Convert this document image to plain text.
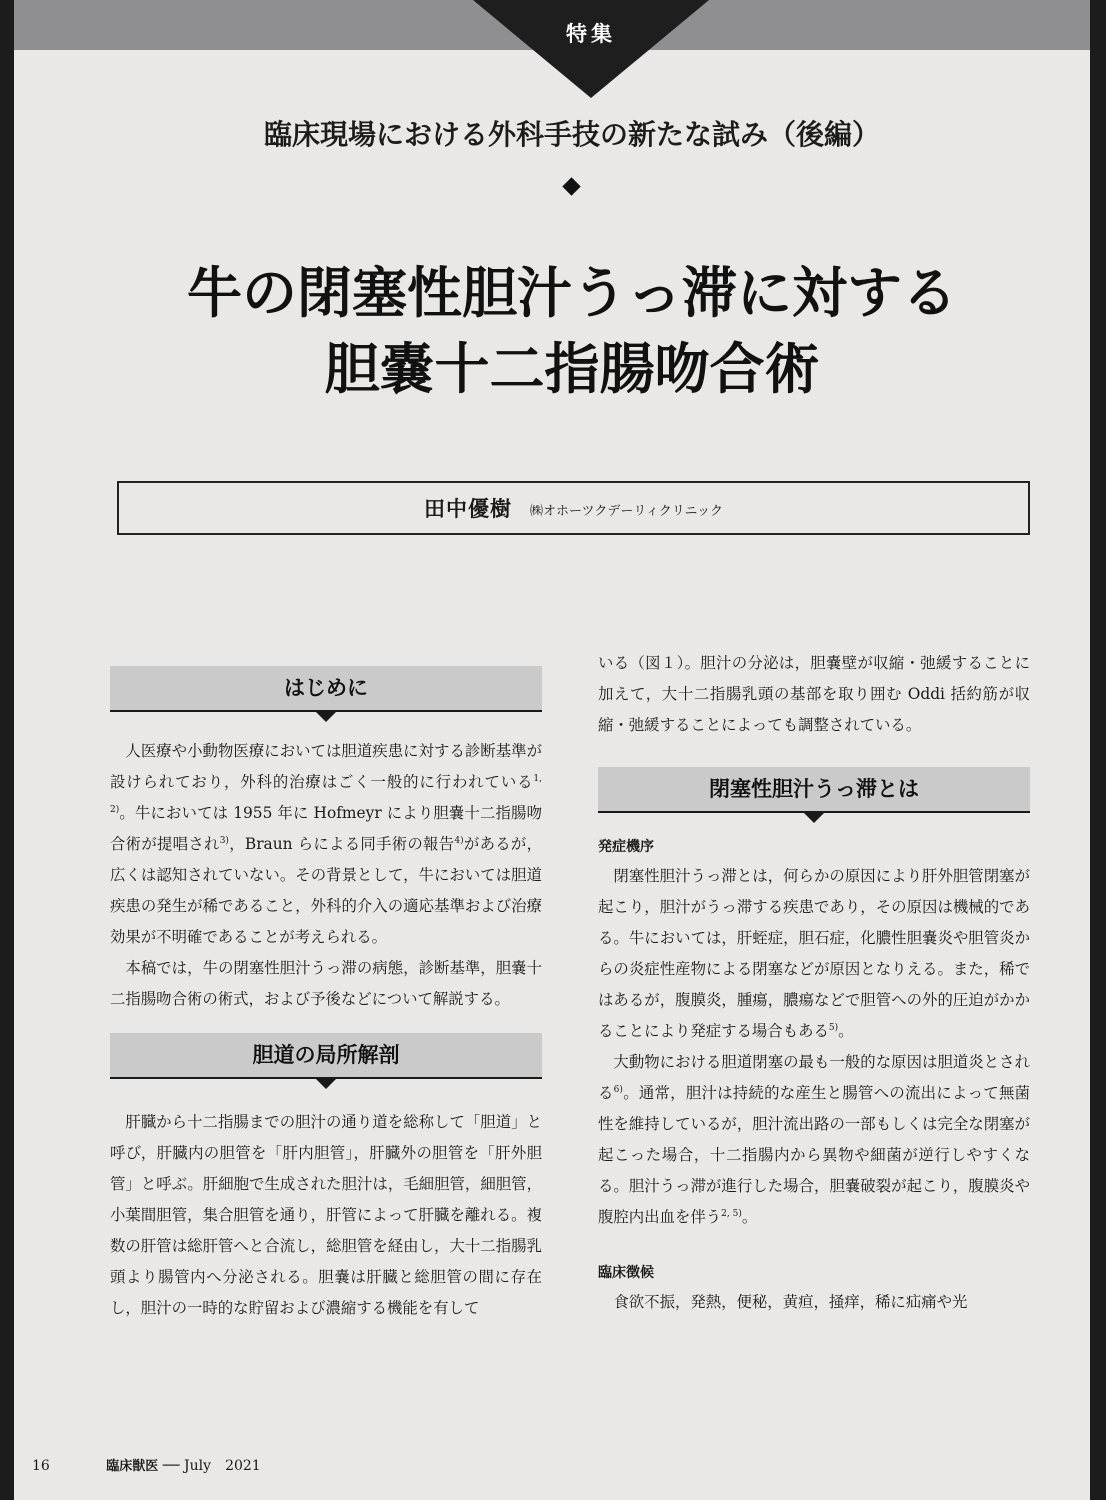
特集
臨床現場における外科手技の新たな試み（後編）
牛の閉塞性胆汁うっ滞に対する
胆嚢十二指腸吻合術
田中優樹 ㈱オホーツクデーリィクリニック
はじめに

人医療や小動物医療においては胆道疾患に対する診断基準が設けられており，外科的治療はごく一般的に行われている$^{1, 2)}$。牛においては 1955 年に Hofmeyr により胆嚢十二指腸吻合術が提唱され$^{3)}$，Braun らによる同手術の報告$^{4)}$があるが，広くは認知されていない。その背景として，牛においては胆道疾患の発生が稀であること，外科的介入の適応基準および治療効果が不明確であることが考えられる。

本稿では，牛の閉塞性胆汁うっ滞の病態，診断基準，胆嚢十二指腸吻合術の術式，および予後などについて解説する。

胆道の局所解剖

肝臓から十二指腸までの胆汁の通り道を総称して「胆道」と呼び，肝臓内の胆管を「肝内胆管」，肝臓外の胆管を「肝外胆管」と呼ぶ。肝細胞で生成された胆汁は，毛細胆管，細胆管，小葉間胆管，集合胆管を通り，肝管によって肝臓を離れる。複数の肝管は総肝管へと合流し，総胆管を経由し，大十二指腸乳頭より腸管内へ分泌される。胆嚢は肝臓と総胆管の間に存在し，胆汁の一時的な貯留および濃縮する機能を有して

いる（図１）。胆汁の分泌は，胆嚢壁が収縮・弛緩することに加えて，大十二指腸乳頭の基部を取り囲む Oddi 括約筋が収縮・弛緩することによっても調整されている。

閉塞性胆汁うっ滞とは
発症機序

閉塞性胆汁うっ滞とは，何らかの原因により肝外胆管閉塞が起こり，胆汁がうっ滞する疾患であり，その原因は機械的である。牛においては，肝蛭症，胆石症，化膿性胆嚢炎や胆管炎からの炎症性産物による閉塞などが原因となりえる。また，稀ではあるが，腹膜炎，腫瘍，膿瘍などで胆管への外的圧迫がかかることにより発症する場合もある$^{5)}$。

大動物における胆道閉塞の最も一般的な原因は胆道炎とされる$^{6)}$。通常，胆汁は持続的な産生と腸管への流出によって無菌性を維持しているが，胆汁流出路の一部もしくは完全な閉塞が起こった場合，十二指腸内から異物や細菌が逆行しやすくなる。胆汁うっ滞が進行した場合，胆嚢破裂が起こり，腹膜炎や腹腔内出血を伴う$^{2, 5)}$。

臨床徴候

食欲不振，発熱，便秘，黄疸，掻痒，稀に疝痛や光

16	臨床獣医 ── July　2021
